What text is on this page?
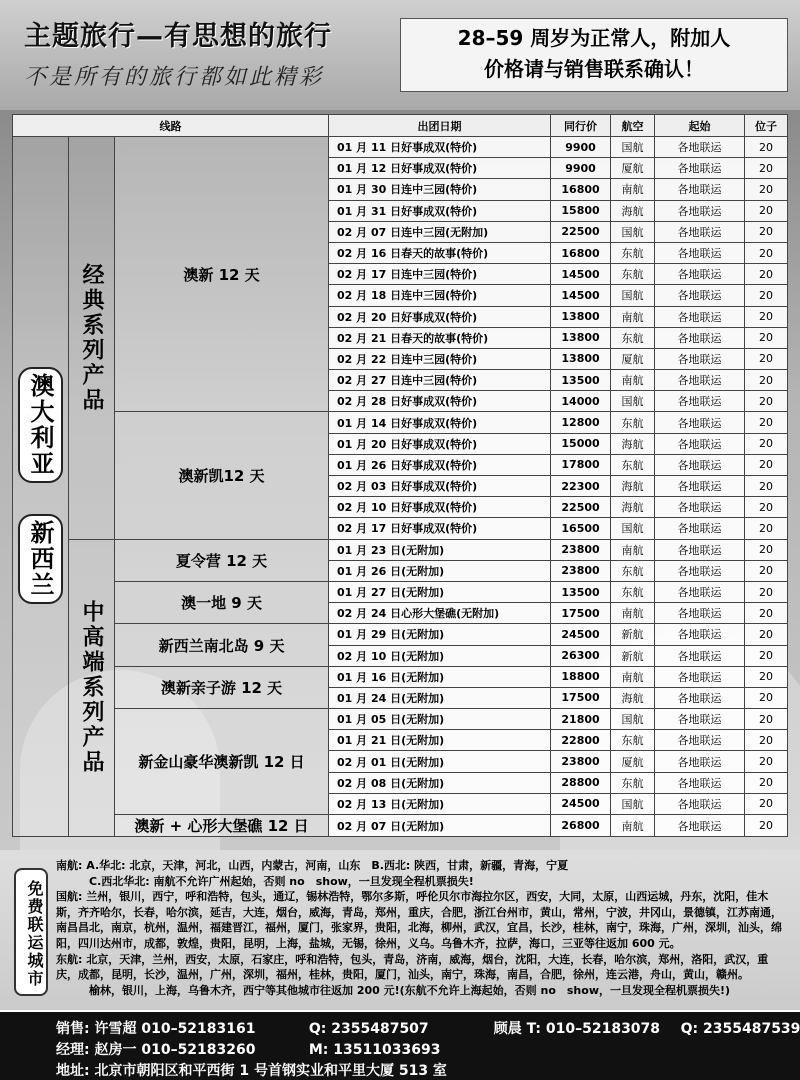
主题旅行—有思想的旅行
不是所有的旅行都如此精彩
28–59 周岁为正常人，附加人
价格请与销售联系确认！
线路			出团日期	同行价	航空	起始	位子
澳大利亚新西兰	经典系列产品	澳新 12 天	01 月 11 日好事成双(特价)	9900	国航	各地联运	20
			01 月 12 日好事成双(特价)	9900	厦航	各地联运	20
			01 月 30 日连中三园(特价)	16800	南航	各地联运	20
			01 月 31 日好事成双(特价)	15800	海航	各地联运	20
			02 月 07 日连中三园(无附加)	22500	国航	各地联运	20
			02 月 16 日春天的故事(特价)	16800	东航	各地联运	20
			02 月 17 日连中三园(特价)	14500	东航	各地联运	20
			02 月 18 日连中三园(特价)	14500	国航	各地联运	20
			02 月 20 日好事成双(特价)	13800	南航	各地联运	20
			02 月 21 日春天的故事(特价)	13800	东航	各地联运	20
			02 月 22 日连中三园(特价)	13800	厦航	各地联运	20
			02 月 27 日连中三园(特价)	13500	南航	各地联运	20
			02 月 28 日好事成双(特价)	14000	国航	各地联运	20
		澳新凯12 天	01 月 14 日好事成双(特价)	12800	东航	各地联运	20
			01 月 20 日好事成双(特价)	15000	海航	各地联运	20
			01 月 26 日好事成双(特价)	17800	东航	各地联运	20
			02 月 03 日好事成双(特价)	22300	海航	各地联运	20
			02 月 10 日好事成双(特价)	22500	海航	各地联运	20
			02 月 17 日好事成双(特价)	16500	国航	各地联运	20

	中高端系列产品	夏令营 12 天	01 月 23 日(无附加)	23800	南航	各地联运	20
			01 月 26 日(无附加)	23800	东航	各地联运	20
		澳一地 9 天	01 月 27 日(无附加)	13500	东航	各地联运	20
			02 月 24 日心形大堡礁(无附加)	17500	南航	各地联运	20
		新西兰南北岛 9 天	01 月 29 日(无附加)	24500	新航	各地联运	20
			02 月 10 日(无附加)	26300	新航	各地联运	20
		澳新亲子游 12 天	01 月 16 日(无附加)	18800	南航	各地联运	20
			01 月 24 日(无附加)	17500	海航	各地联运	20
		新金山豪华澳新凯 12 日	01 月 05 日(无附加)	21800	国航	各地联运	20
			01 月 21 日(无附加)	22800	东航	各地联运	20
			02 月 01 日(无附加)	23800	厦航	各地联运	20
			02 月 08 日(无附加)	28800	东航	各地联运	20
			02 月 13 日(无附加)	24500	国航	各地联运	20
		澳新 + 心形大堡礁 12 日	02 月 07 日(无附加)	26800	南航	各地联运	20
免费联运城市
南航: A.华北: 北京，天津，河北，山西，内蒙古，河南，山东　B.西北: 陕西，甘肃，新疆，青海，宁夏
　　　C.西北华北: 南航不允许广州起始，否则 no　show，一旦发现全程机票损失!
国航: 兰州，银川，西宁，呼和浩特，包头，通辽，锡林浩特，鄂尔多斯，呼伦贝尔市海拉尔区，西安，大同，太原，山西运城，丹东，沈阳，佳木斯，齐齐哈尔，长春，哈尔滨，延吉，大连，烟台，威海，青岛，郑州，重庆，合肥，浙江台州市，黄山，常州，宁波，井冈山，景德镇，江苏南通，南昌昌北，南京，杭州，温州，福建晋江，福州，厦门，张家界，贵阳，北海，柳州，武汉，宜昌，长沙，桂林，南宁，珠海，广州，深圳，汕头，绵阳，四川达州市，成都，敦煌，贵阳，昆明，上海，盐城，无锡，徐州，义乌。乌鲁木齐，拉萨，海口，三亚等往返加 600 元。
东航: 北京，天津，兰州，西安，太原，石家庄，呼和浩特，包头，青岛，济南，威海，烟台，沈阳，大连，长春，哈尔滨，郑州，洛阳，武汉，重庆，成都，昆明，长沙，温州，广州，深圳，福州，桂林，贵阳，厦门，汕头，南宁，珠海，南昌，合肥，徐州，连云港，舟山，黄山，赣州。
　　　榆林，银川，上海，乌鲁木齐，西宁等其他城市往返加 200 元!(东航不允许上海起始，否则 no　show，一旦发现全程机票损失!)
销售: 许雪超 010–52183161	Q: 2355487507	顾晨 T: 010–52183078 Q: 2355487539
经理: 赵房一 010–52183260	M: 13511033693
地址: 北京市朝阳区和平西街 1 号首钢实业和平里大厦 513 室
